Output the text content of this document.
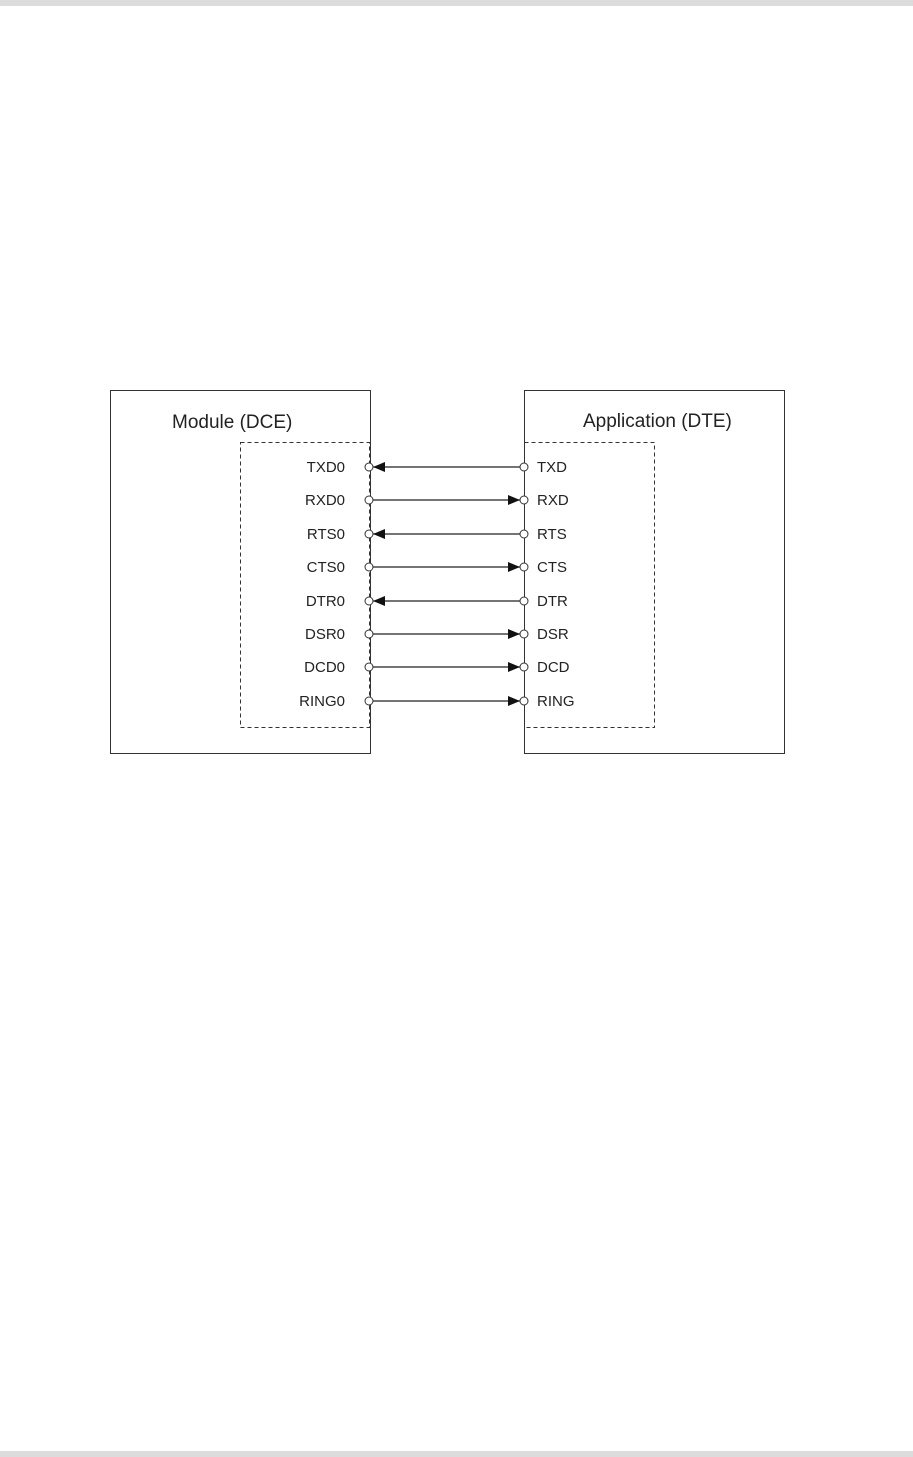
Module (DCE)	Application (DTE)
TXD0	TXD
RXD0	RXD
RTS0	RTS
CTS0	CTS
DTR0	DTR
DSR0	DSR
DCD0	DCD
RING0	RING
